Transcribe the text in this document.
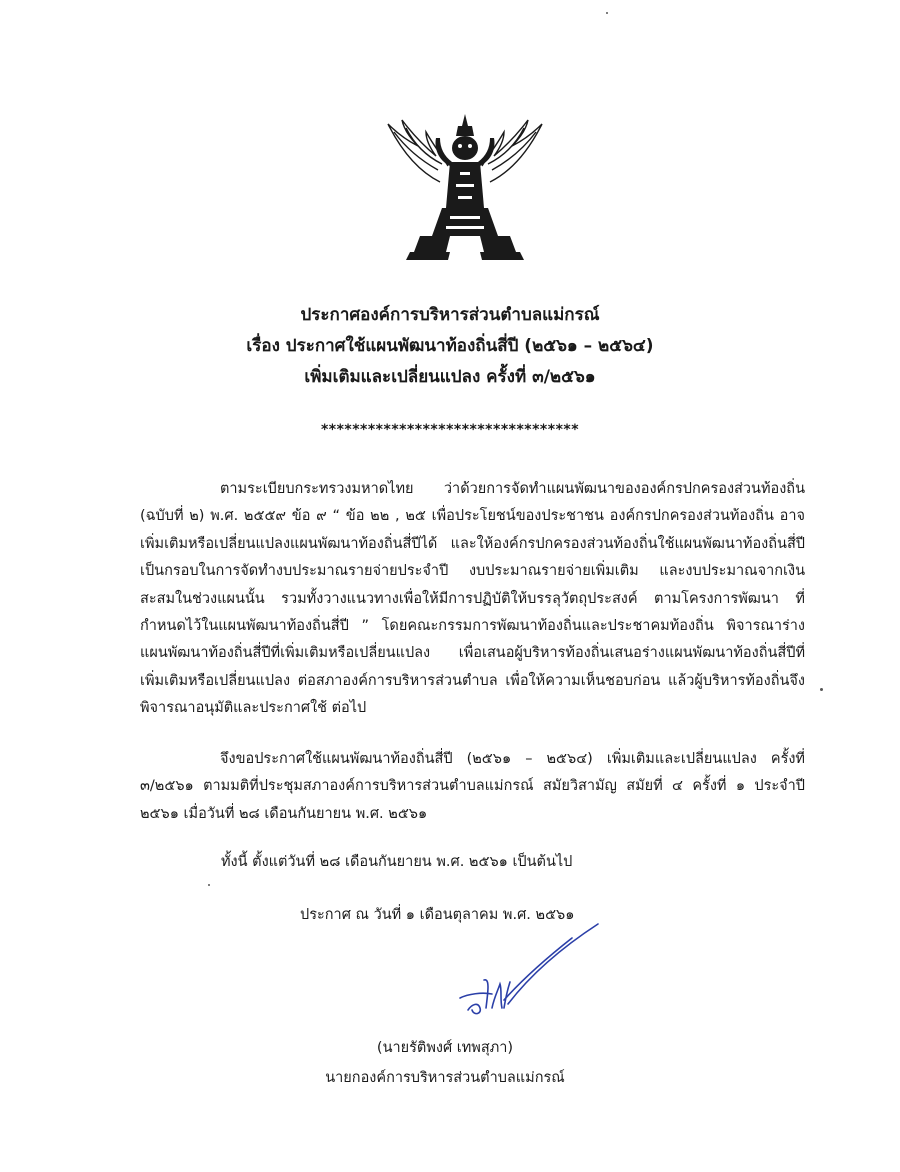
ประกาศองค์การบริหารส่วนตำบลแม่กรณ์
เรื่อง ประกาศใช้แผนพัฒนาท้องถิ่นสี่ปี (๒๕๖๑ – ๒๕๖๔)
เพิ่มเติมและเปลี่ยนแปลง ครั้งที่ ๓/๒๕๖๑
*********************************

ตามระเบียบกระทรวงมหาดไทย ว่าด้วยการจัดทำแผนพัฒนาขององค์กรปกครองส่วนท้องถิ่น (ฉบับที่ ๒) พ.ศ. ๒๕๕๙ ข้อ ๙ “ ข้อ ๒๒ , ๒๕ เพื่อประโยชน์ของประชาชน องค์กรปกครองส่วนท้องถิ่น อาจเพิ่มเติมหรือเปลี่ยนแปลงแผนพัฒนาท้องถิ่นสี่ปีได้ และให้องค์กรปกครองส่วนท้องถิ่นใช้แผนพัฒนาท้องถิ่นสี่ปี เป็นกรอบในการจัดทำงบประมาณรายจ่ายประจำปี งบประมาณรายจ่ายเพิ่มเติม และงบประมาณจากเงินสะสมในช่วงแผนนั้น รวมทั้งวางแนวทางเพื่อให้มีการปฏิบัติให้บรรลุวัตถุประสงค์ ตามโครงการพัฒนา ที่กำหนดไว้ในแผนพัฒนาท้องถิ่นสี่ปี ” โดยคณะกรรมการพัฒนาท้องถิ่นและประชาคมท้องถิ่น พิจารณาร่างแผนพัฒนาท้องถิ่นสี่ปีที่เพิ่มเติมหรือเปลี่ยนแปลง เพื่อเสนอผู้บริหารท้องถิ่นเสนอร่างแผนพัฒนาท้องถิ่นสี่ปีที่เพิ่มเติมหรือเปลี่ยนแปลง ต่อสภาองค์การบริหารส่วนตำบล เพื่อให้ความเห็นชอบก่อน แล้วผู้บริหารท้องถิ่นจึงพิจารณาอนุมัติและประกาศใช้ ต่อไป

จึงขอประกาศใช้แผนพัฒนาท้องถิ่นสี่ปี (๒๕๖๑ – ๒๕๖๔) เพิ่มเติมและเปลี่ยนแปลง ครั้งที่ ๓/๒๕๖๑ ตามมติที่ประชุมสภาองค์การบริหารส่วนตำบลแม่กรณ์ สมัยวิสามัญ สมัยที่ ๔ ครั้งที่ ๑ ประจำปี ๒๕๖๑ เมื่อวันที่ ๒๘ เดือนกันยายน พ.ศ. ๒๕๖๑

ทั้งนี้ ตั้งแต่วันที่ ๒๘ เดือนกันยายน พ.ศ. ๒๕๖๑ เป็นต้นไป
ประกาศ ณ วันที่ ๑ เดือนตุลาคม พ.ศ. ๒๕๖๑
(นายรัติพงศ์ เทพสุภา)
นายกองค์การบริหารส่วนตำบลแม่กรณ์
